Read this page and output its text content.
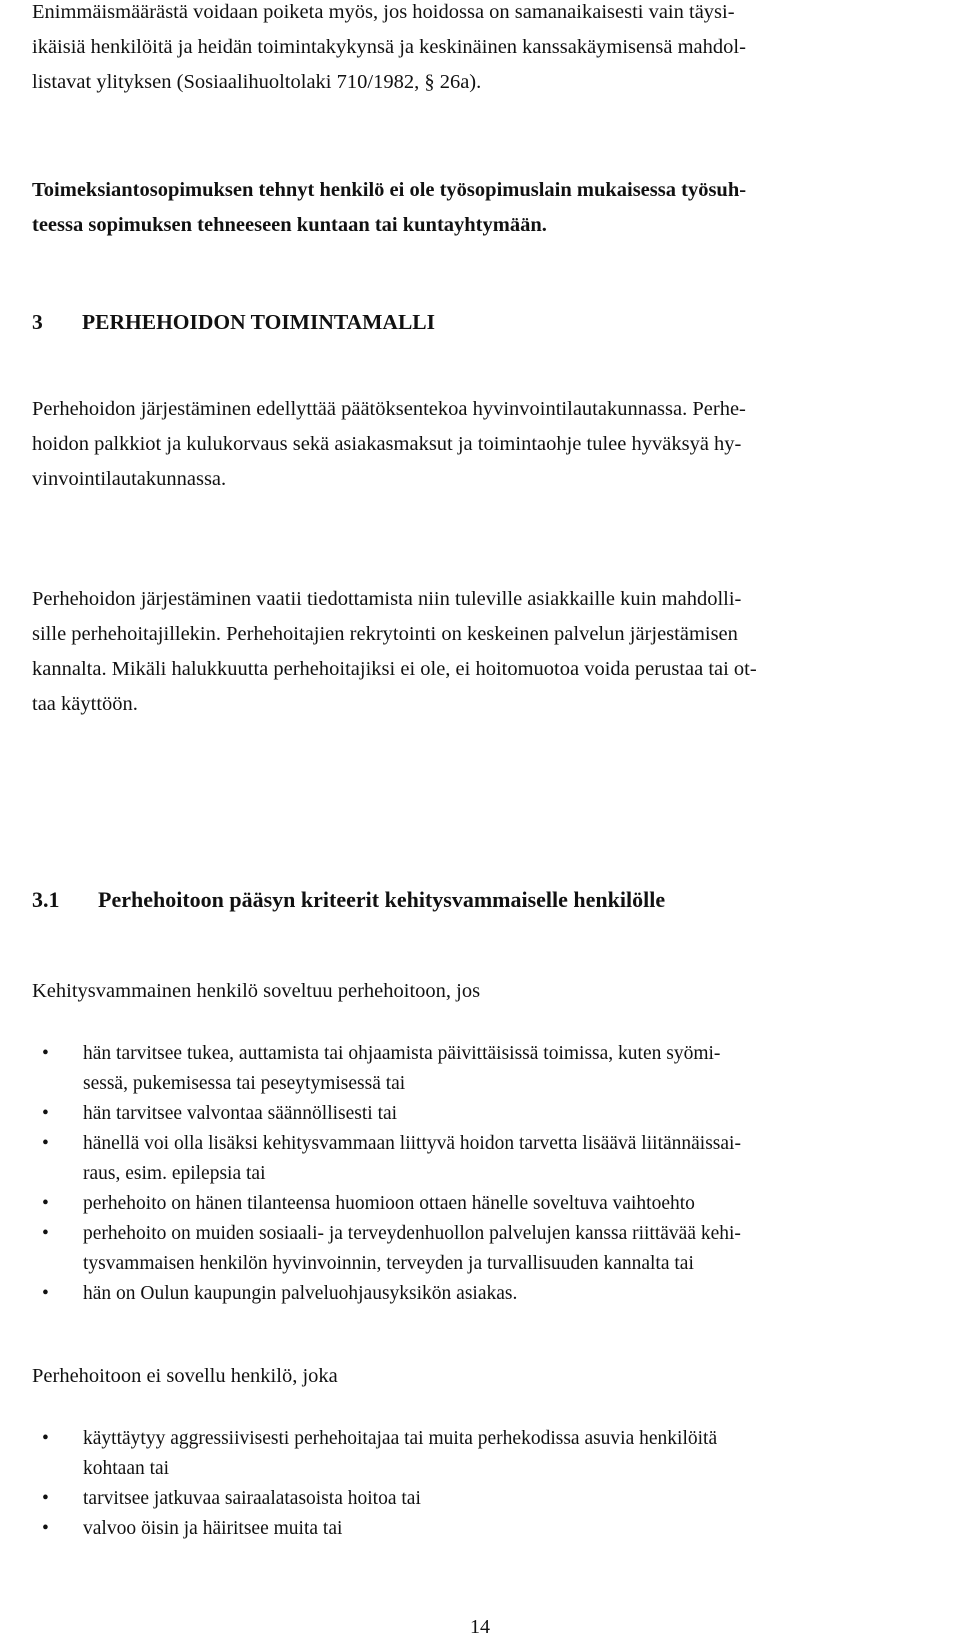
Enimmäismäärästä voidaan poiketa myös, jos hoidossa on samanaikaisesti vain täysi-
ikäisiä henkilöitä ja heidän toimintakykynsä ja keskinäinen kanssakäymisensä mahdol-
listavat ylityksen (Sosiaalihuoltolaki 710/1982, § 26a).

Toimeksiantosopimuksen tehnyt henkilö ei ole työsopimuslain mukaisessa työsuh-
teessa sopimuksen tehneeseen kuntaan tai kuntayhtymään.

3 PERHEHOIDON TOIMINTAMALLI

Perhehoidon järjestäminen edellyttää päätöksentekoa hyvinvointilautakunnassa. Perhe-
hoidon palkkiot ja kulukorvaus sekä asiakasmaksut ja toimintaohje tulee hyväksyä hy-
vinvointilautakunnassa.

Perhehoidon järjestäminen vaatii tiedottamista niin tuleville asiakkaille kuin mahdolli-
sille perhehoitajillekin. Perhehoitajien rekrytointi on keskeinen palvelun järjestämisen
kannalta. Mikäli halukkuutta perhehoitajiksi ei ole, ei hoitomuotoa voida perustaa tai ot-
taa käyttöön.

3.1 Perhehoitoon pääsyn kriteerit kehitysvammaiselle henkilölle

Kehitysvammainen henkilö soveltuu perhehoitoon, jos

• hän tarvitsee tukea, auttamista tai ohjaamista päivittäisissä toimissa, kuten syömi-
sessä, pukemisessa tai peseytymisessä tai
• hän tarvitsee valvontaa säännöllisesti tai
• hänellä voi olla lisäksi kehitysvammaan liittyvä hoidon tarvetta lisäävä liitännäissai-
raus, esim. epilepsia tai
• perhehoito on hänen tilanteensa huomioon ottaen hänelle soveltuva vaihtoehto
• perhehoito on muiden sosiaali- ja terveydenhuollon palvelujen kanssa riittävää kehi-
tysvammaisen henkilön hyvinvoinnin, terveyden ja turvallisuuden kannalta tai
• hän on Oulun kaupungin palveluohjausyksikön asiakas.

Perhehoitoon ei sovellu henkilö, joka

• käyttäytyy aggressiivisesti perhehoitajaa tai muita perhekodissa asuvia henkilöitä
kohtaan tai
• tarvitsee jatkuvaa sairaalatasoista hoitoa tai
• valvoo öisin ja häiritsee muita tai
14
